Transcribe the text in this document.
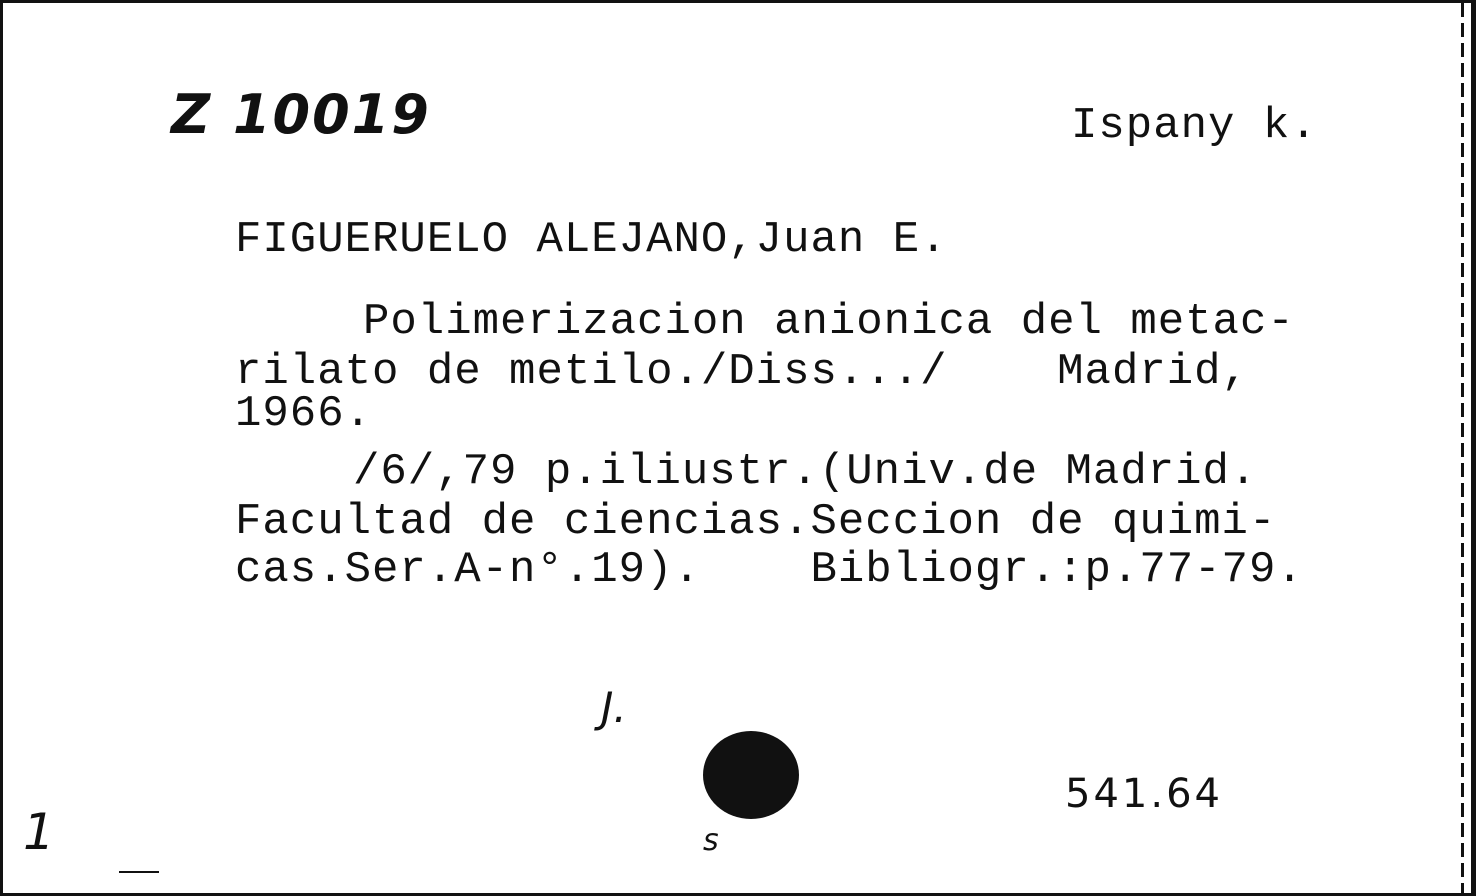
Z 10019	Ispany k.
FIGUERUELO ALEJANO,Juan E.
Polimerizacion anionica del metac-
rilato de metilo./Diss.../    Madrid,
1966.
/6/,79 p.iliustr.(Univ.de Madrid.
Facultad de ciencias.Seccion de quimi-
cas.Ser.A-n°.19).    Bibliogr.:p.77-79.
J.
s
541.64
1
